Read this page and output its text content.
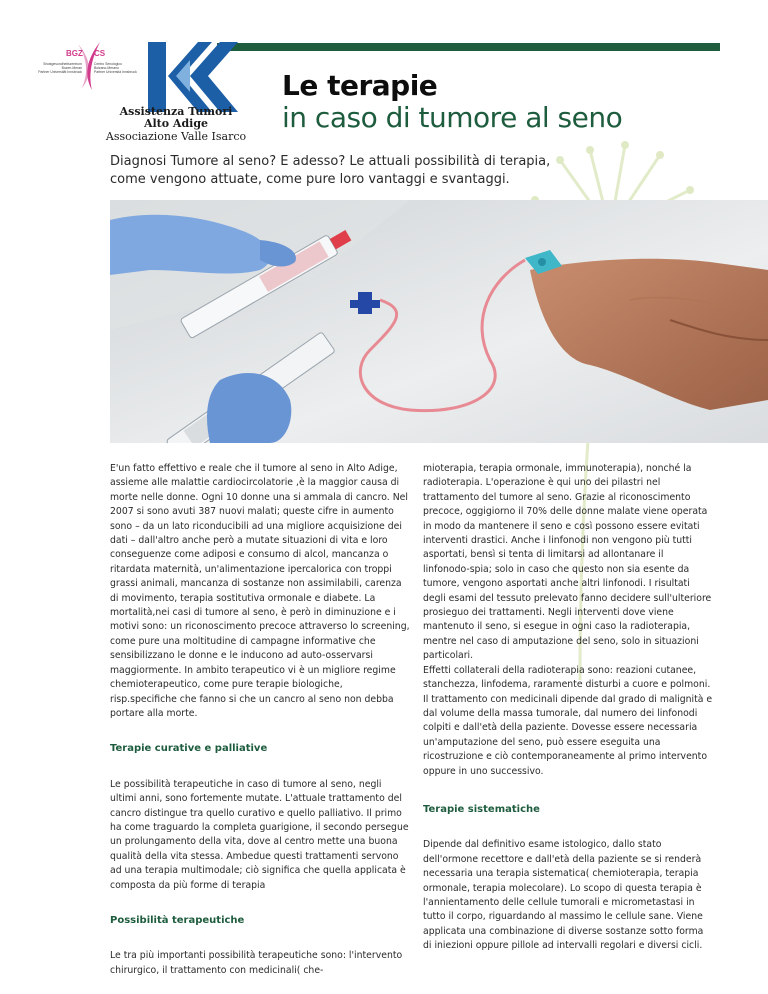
BGZ CS
Brustgesundheitszentrum
Bozen-Meran
Partner Universität Innsbruck
Centro Senologico
Bolzano-Merano
Partner Università Innsbruck
Assistenza Tumori
Alto Adige
Associazione Valle Isarco
Le terapie
in caso di tumore al seno
Diagnosi Tumore al seno? E adesso? Le attuali possibilità di terapia,
come vengono attuate, come pure loro vantaggi e svantaggi.

E'un fatto effettivo e reale che il tumore al seno in Alto Adige, assieme alle malattie cardiocircolatorie ,è la maggior causa di morte nelle donne. Ogni 10 donne una si ammala di cancro. Nel 2007 si sono avuti 387 nuovi malati; queste cifre in aumento sono – da un lato riconducibili ad una migliore acquisizione dei dati – dall'altro anche però a mutate situazioni di vita e loro conseguenze come adiposi e consumo di alcol, mancanza o ritardata maternità, un'alimentazione ipercalorica con troppi grassi animali, mancanza di sostanze non assimilabili, carenza di movimento, terapia sostitutiva ormonale e diabete. La mortalità,nei casi di tumore al seno, è però in diminuzione e i motivi sono: un riconoscimento precoce attraverso lo screening, come pure una moltitudine di campagne informative che sensibilizzano le donne e le inducono ad auto-osservarsi maggiormente. In ambito terapeutico vi è un migliore regime chemioterapeutico, come pure terapie biologiche, risp.specifiche che fanno si che un cancro al seno non debba portare alla morte.

Terapie curative e palliative

Le possibilità terapeutiche in caso di tumore al seno, negli ultimi anni, sono fortemente mutate. L'attuale trattamento del cancro distingue tra quello curativo e quello palliativo. Il primo ha come traguardo la completa guarigione, il secondo persegue un prolungamento della vita, dove al centro mette una buona qualità della vita stessa. Ambedue questi trattamenti servono ad una terapia multimodale; ciò significa che quella applicata è composta da più forme di terapia

Possibilità terapeutiche

Le tra più importanti possibilità terapeutiche sono: l'intervento chirurgico, il trattamento con medicinali( che-

mioterapia, terapia ormonale, immunoterapia), nonché la radioterapia. L'operazione è qui uno dei pilastri nel trattamento del tumore al seno. Grazie al riconoscimento precoce, oggigiorno il 70% delle donne malate viene operata in modo da mantenere il seno e così possono essere evitati interventi drastici. Anche i linfonodi non vengono più tutti asportati, bensì si tenta di limitarsi ad allontanare il linfonodo-spia; solo in caso che questo non sia esente da tumore, vengono asportati anche altri linfonodi. I risultati degli esami del tessuto prelevato fanno decidere sull'ulteriore prosieguo dei trattamenti. Negli interventi dove viene mantenuto il seno, si esegue in ogni caso la radioterapia, mentre nel caso di amputazione del seno, solo in situazioni particolari.

Effetti collaterali della radioterapia sono: reazioni cutanee, stanchezza, linfodema, raramente disturbi a cuore e polmoni. Il trattamento con medicinali dipende dal grado di malignità e dal volume della massa tumorale, dal numero dei linfonodi colpiti e dall'età della paziente. Dovesse essere necessaria un'amputazione del seno, può essere eseguita una ricostruzione e ciò contemporaneamente al primo intervento oppure in uno successivo.

Terapie sistematiche

Dipende dal definitivo esame istologico, dallo stato dell'ormone recettore e dall'età della paziente se si renderà necessaria una terapia sistematica( chemioterapia, terapia ormonale, terapia molecolare). Lo scopo di questa terapia è l'annientamento delle cellule tumorali e micrometastasi in tutto il corpo, riguardando al massimo le cellule sane. Viene applicata una combinazione di diverse sostanze sotto forma di iniezioni oppure pillole ad intervalli regolari e diversi cicli.
